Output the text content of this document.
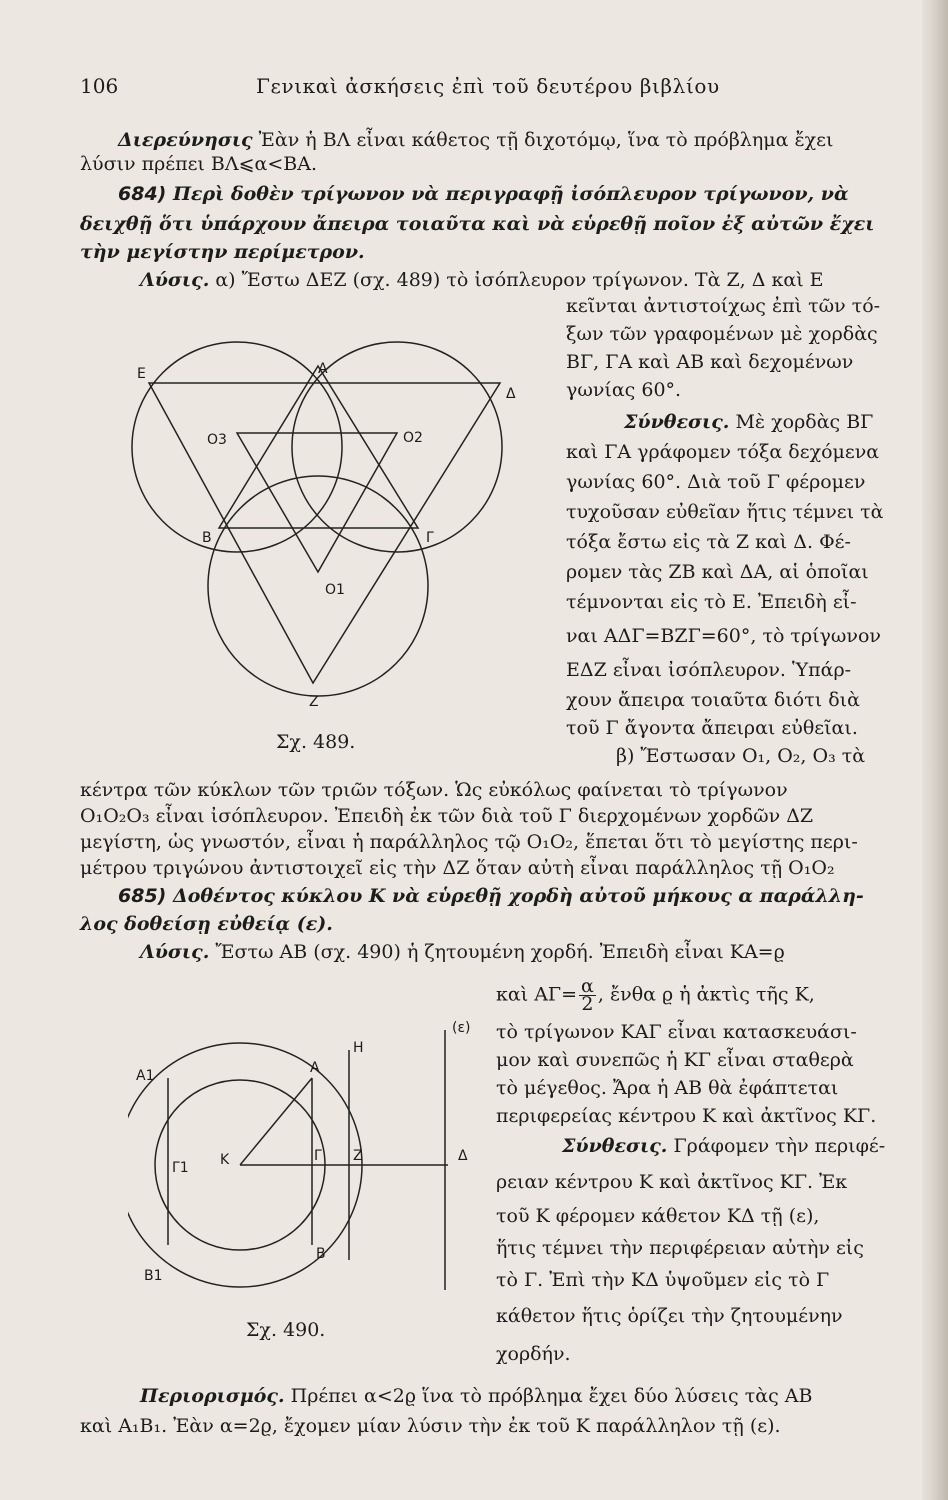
106	Γενικαὶ ἀσκήσεις ἐπὶ τοῦ δευτέρου βιβλίου
Διερεύνησις Ἐὰν ἡ ΒΛ εἶναι κάθετος τῇ διχοτόμῳ, ἵνα τὸ πρόβλημα ἔχει
λύσιν πρέπει ΒΛ⩽α<ΒΑ.
684) Περὶ δοθὲν τρίγωνον νὰ περιγραφῇ ἰσόπλευρον τρίγωνον, νὰ
δειχθῇ ὅτι ὑπάρχουν ἄπειρα τοιαῦτα καὶ νὰ εὑρεθῇ ποῖον ἐξ αὐτῶν ἔχει
τὴν μεγίστην περίμετρον.
Λύσις. α) Ἔστω ΔΕΖ (σχ. 489) τὸ ἰσόπλευρον τρίγωνον. Τὰ Ζ, Δ καὶ Ε
κεῖνται ἀντιστοίχως ἐπὶ τῶν τό-
ξων τῶν γραφομένων μὲ χορδὰς
ΒΓ, ΓΑ καὶ ΑΒ καὶ δεχομένων
γωνίας 60°.
Σύνθεσις. Μὲ χορδὰς ΒΓ
καὶ ΓΑ γράφομεν τόξα δεχόμενα
γωνίας 60°. Διὰ τοῦ Γ φέρομεν
τυχοῦσαν εὐθεῖαν ἥτις τέμνει τὰ
τόξα ἔστω εἰς τὰ Ζ καὶ Δ. Φέ-
ρομεν τὰς ΖΒ καὶ ΔΑ, αἱ ὁποῖαι
τέμνονται εἰς τὸ Ε. Ἐπειδὴ εἶ-
ναι ΑΔΓ=ΒΖΓ=60°, τὸ τρίγωνον
ΕΔΖ εἶναι ἰσόπλευρον. Ὑπάρ-
χουν ἄπειρα τοιαῦτα διότι διὰ
τοῦ Γ ἄγοντα ἄπειραι εὐθεῖαι.
Ε	Α
Δ
O3	O2
Β	Γ
O1
Z
Σχ. 489.
β) Ἔστωσαν Ο₁, Ο₂, Ο₃ τὰ
κέντρα τῶν κύκλων τῶν τριῶν τόξων. Ὡς εὐκόλως φαίνεται τὸ τρίγωνον
Ο₁Ο₂Ο₃ εἶναι ἰσόπλευρον. Ἐπειδὴ ἐκ τῶν διὰ τοῦ Γ διερχομένων χορδῶν ΔΖ
μεγίστη, ὡς γνωστόν, εἶναι ἡ παράλληλος τῷ Ο₁Ο₂, ἕπεται ὅτι τὸ μεγίστης περι-
μέτρου τριγώνου ἀντιστοιχεῖ εἰς τὴν ΔΖ ὅταν αὐτὴ εἶναι παράλληλος τῇ Ο₁Ο₂
685) Δοθέντος κύκλου Κ νὰ εὑρεθῇ χορδὴ αὐτοῦ μήκους α παράλλη-
λος δοθείσῃ εὐθείᾳ (ε).
Λύσις. Ἔστω ΑΒ (σχ. 490) ἡ ζητουμένη χορδή. Ἐπειδὴ εἶναι ΚΑ=ϱ
καὶ $A\Gamma= \frac{\alpha}{2}$ , ἔνθα ϱ ἡ ἀκτὶς τῆς Κ,
τὸ τρίγωνον ΚΑΓ εἶναι κατασκευάσι-
μον καὶ συνεπῶς ἡ ΚΓ εἶναι σταθερὰ
τὸ μέγεθος. Ἄρα ἡ ΑΒ θὰ ἐφάπτεται
περιφερείας κέντρου Κ καὶ ἀκτῖνος ΚΓ.
Σύνθεσις. Γράφομεν τὴν περιφέ-
ρειαν κέντρου Κ καὶ ἀκτῖνος ΚΓ. Ἐκ
τοῦ Κ φέρομεν κάθετον ΚΔ τῇ (ε),
ἥτις τέμνει τὴν περιφέρειαν αὐτὴν εἰς
τὸ Γ. Ἐπὶ τὴν ΚΔ ὑψοῦμεν εἰς τὸ Γ
κάθετον ἥτις ὁρίζει τὴν ζητουμένην
χορδήν.
(ε)
H
A1	A
Γ1 K	Γ Z	Δ
B1
B
Σχ. 490.
Περιορισμός. Πρέπει α<2ϱ ἵνα τὸ πρόβλημα ἔχει δύο λύσεις τὰς ΑΒ
καὶ Α₁Β₁. Ἐὰν α=2ϱ, ἔχομεν μίαν λύσιν τὴν ἐκ τοῦ Κ παράλληλον τῇ (ε).
